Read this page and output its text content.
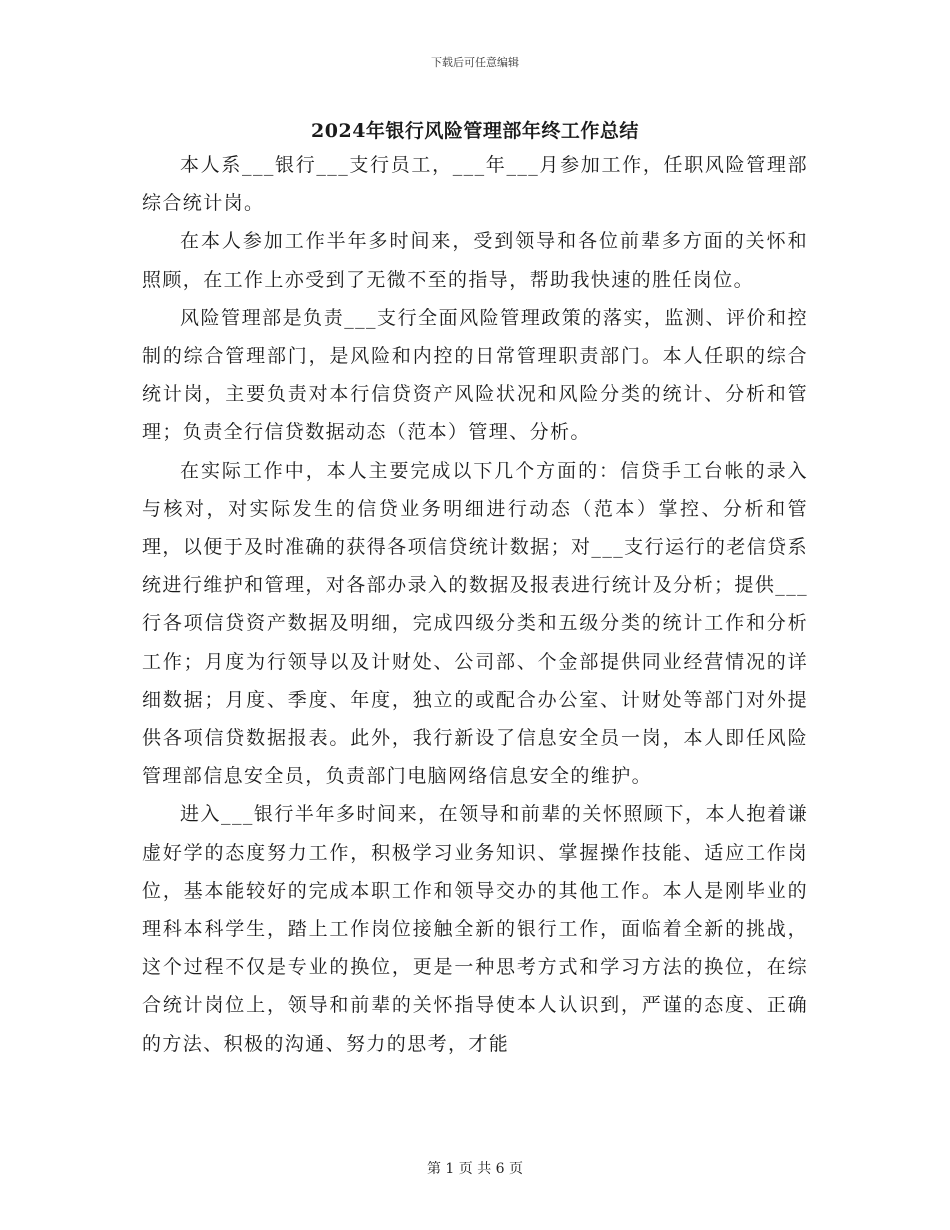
下载后可任意编辑
2024年银行风险管理部年终工作总结

本人系___银行___支行员工，___年___月参加工作，任职风险管理部综合统计岗。

在本人参加工作半年多时间来，受到领导和各位前辈多方面的关怀和照顾，在工作上亦受到了无微不至的指导，帮助我快速的胜任岗位。

风险管理部是负责___支行全面风险管理政策的落实，监测、评价和控制的综合管理部门，是风险和内控的日常管理职责部门。本人任职的综合统计岗，主要负责对本行信贷资产风险状况和风险分类的统计、分析和管理；负责全行信贷数据动态（范本）管理、分析。

在实际工作中，本人主要完成以下几个方面的：信贷手工台帐的录入与核对，对实际发生的信贷业务明细进行动态（范本）掌控、分析和管理，以便于及时准确的获得各项信贷统计数据；对___支行运行的老信贷系统进行维护和管理，对各部办录入的数据及报表进行统计及分析；提供___行各项信贷资产数据及明细，完成四级分类和五级分类的统计工作和分析工作；月度为行领导以及计财处、公司部、个金部提供同业经营情况的详细数据；月度、季度、年度，独立的或配合办公室、计财处等部门对外提供各项信贷数据报表。此外，我行新设了信息安全员一岗，本人即任风险管理部信息安全员，负责部门电脑网络信息安全的维护。

进入___银行半年多时间来，在领导和前辈的关怀照顾下，本人抱着谦虚好学的态度努力工作，积极学习业务知识、掌握操作技能、适应工作岗位，基本能较好的完成本职工作和领导交办的其他工作。本人是刚毕业的理科本科学生，踏上工作岗位接触全新的银行工作，面临着全新的挑战，这个过程不仅是专业的换位，更是一种思考方式和学习方法的换位，在综合统计岗位上，领导和前辈的关怀指导使本人认识到，严谨的态度、正确的方法、积极的沟通、努力的思考，才能

第 1 页 共 6 页
